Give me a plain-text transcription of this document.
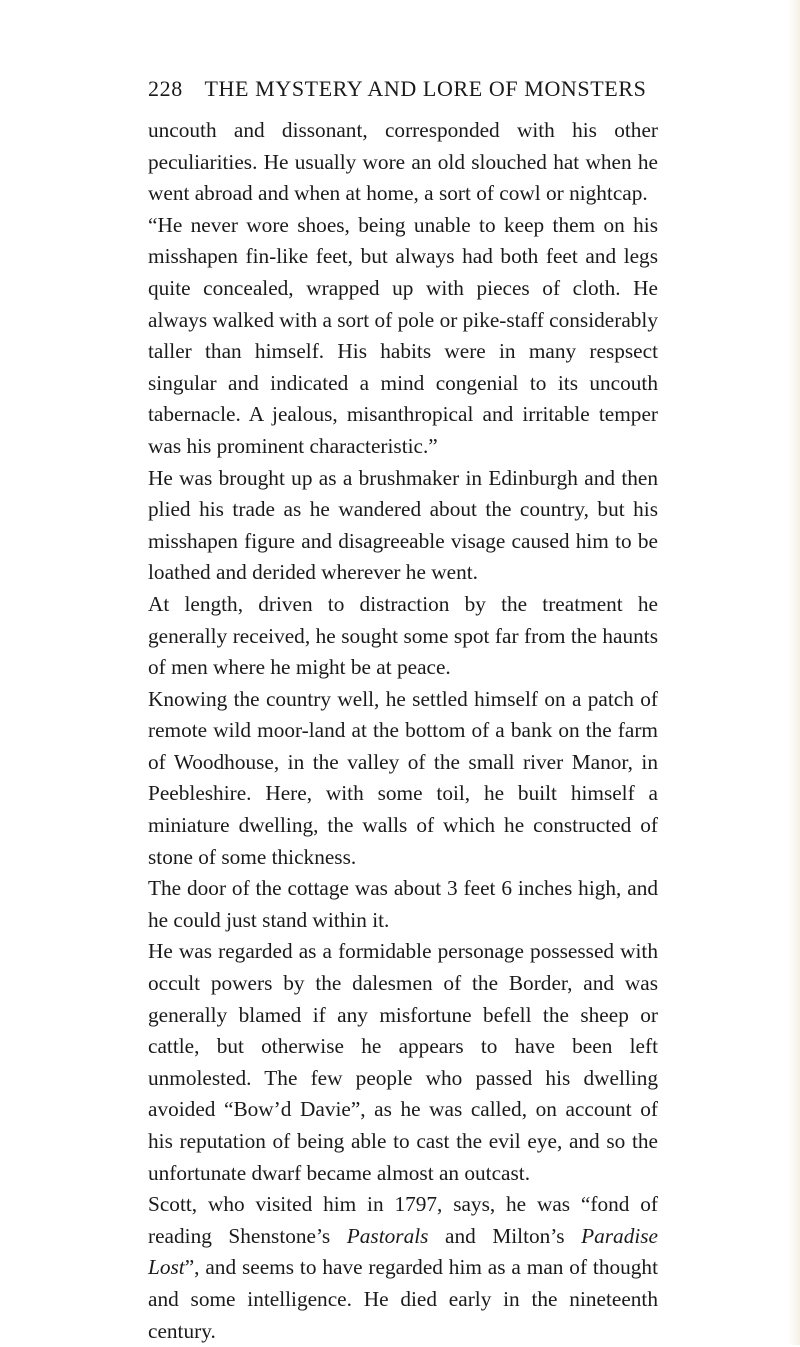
228 THE MYSTERY AND LORE OF MONSTERS

uncouth and dissonant, corresponded with his other peculiarities. He usually wore an old slouched hat when he went abroad and when at home, a sort of cowl or nightcap.

“He never wore shoes, being unable to keep them on his misshapen fin-like feet, but always had both feet and legs quite concealed, wrapped up with pieces of cloth. He always walked with a sort of pole or pike-staff considerably taller than himself. His habits were in many respsect singular and indicated a mind congenial to its uncouth tabernacle. A jealous, misanthropical and irritable temper was his prominent characteristic.”

He was brought up as a brushmaker in Edinburgh and then plied his trade as he wandered about the country, but his misshapen figure and disagreeable visage caused him to be loathed and derided wherever he went.

At length, driven to distraction by the treatment he generally received, he sought some spot far from the haunts of men where he might be at peace.

Knowing the country well, he settled himself on a patch of remote wild moor-land at the bottom of a bank on the farm of Woodhouse, in the valley of the small river Manor, in Peebleshire. Here, with some toil, he built himself a miniature dwelling, the walls of which he constructed of stone of some thickness.

The door of the cottage was about 3 feet 6 inches high, and he could just stand within it.

He was regarded as a formidable personage possessed with occult powers by the dalesmen of the Border, and was generally blamed if any misfortune befell the sheep or cattle, but otherwise he appears to have been left unmolested. The few people who passed his dwelling avoided “Bow’d Davie”, as he was called, on account of his reputation of being able to cast the evil eye, and so the unfortunate dwarf became almost an outcast.

Scott, who visited him in 1797, says, he was “fond of reading Shenstone’s Pastorals and Milton’s Paradise Lost”, and seems to have regarded him as a man of thought and some intelligence. He died early in the nineteenth century.
